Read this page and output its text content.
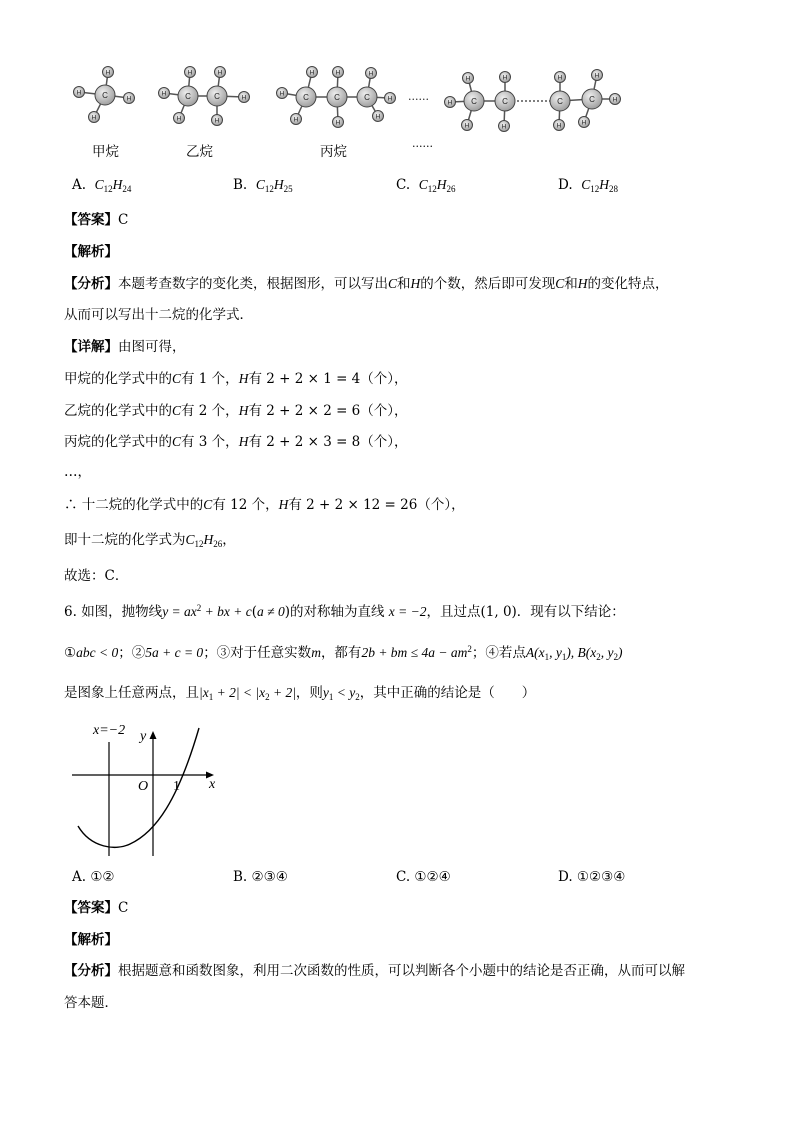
C	C	C	C	C	C	C	C	C	C
H
H
H
H
H
H
H
H
H
H
H
H
H
H
H
H
H
H
H
H
H
H
H
H
H
H
H
H
......
甲烷	乙烷	丙烷
......
A. $C_{12}H_{24}$	B. $C_{12}H_{25}$	C. $C_{12}H_{26}$	D. $C_{12}H_{28}$
【答案】C
【解析】
【分析】本题考查数字的变化类，根据图形，可以写出C和H的个数，然后即可发现C和H的变化特点，
从而可以写出十二烷的化学式．
【详解】由图可得，
甲烷的化学式中的C有 1 个，H有 2 + 2 × 1 = 4（个），
乙烷的化学式中的C有 2 个，H有 2 + 2 × 2 = 6（个），
丙烷的化学式中的C有 3 个，H有 2 + 2 × 3 = 8（个），
…，
∴ 十二烷的化学式中的C有 12 个，H有 2 + 2 × 12 = 26（个），
即十二烷的化学式为$C_{12}H_{26}$，
故选：C．
6. 如图，抛物线$y = ax^2$ + bx + c(a ≠ 0)的对称轴为直线 x = −2，且过点(1, 0)．现有以下结论：
①abc < 0；②5a + c = 0；③对于任意实数m，都有2b + bm ≤ $4a - am^2$；④若点$A(x_1$, $y_1$), $B(x_2$, $y_2$)
是图象上任意两点，且$|x_1 + 2| < |x_2 + 2|$，则$y_1 < y_2$，其中正确的结论是（　　）
x=−2 y
x
O 1
A. ①②	B. ②③④	C. ①②④	D. ①②③④
【答案】C
【解析】
【分析】根据题意和函数图象，利用二次函数的性质，可以判断各个小题中的结论是否正确，从而可以解
答本题．
